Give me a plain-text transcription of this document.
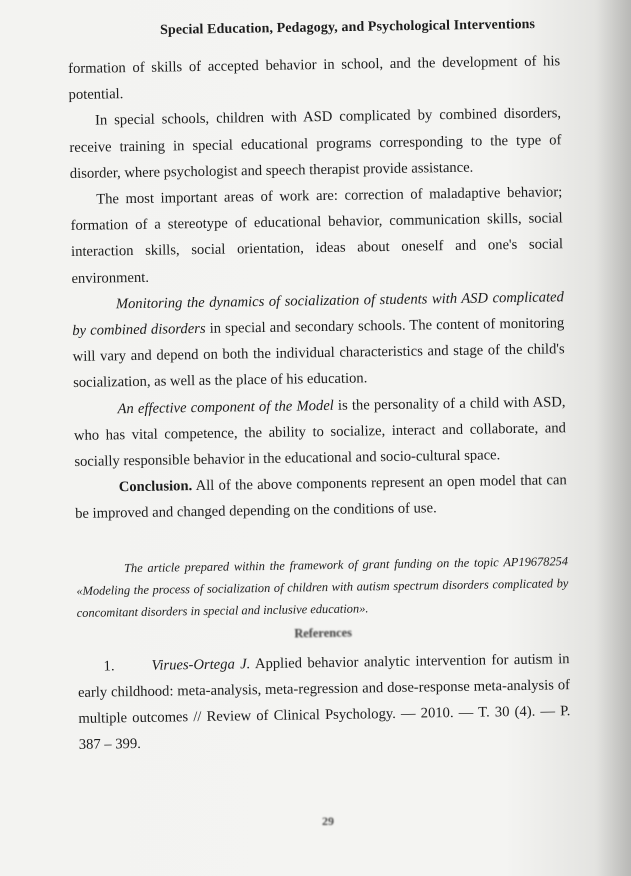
Special Education, Pedagogy, and Psychological Interventions

formation of skills of accepted behavior in school, and the development of his potential.

In special schools, children with ASD complicated by combined disorders, receive training in special educational programs corresponding to the type of disorder, where psychologist and speech therapist provide assistance.

The most important areas of work are: correction of maladaptive behavior; formation of a stereotype of educational behavior, communication skills, social interaction skills, social orientation, ideas about oneself and one's social environment.

Monitoring the dynamics of socialization of students with ASD complicated by combined disorders in special and secondary schools. The content of monitoring will vary and depend on both the individual characteristics and stage of the child's socialization, as well as the place of his education.

An effective component of the Model is the personality of a child with ASD, who has vital competence, the ability to socialize, interact and collaborate, and socially responsible behavior in the educational and socio-cultural space.

Conclusion. All of the above components represent an open model that can be improved and changed depending on the conditions of use.

The article prepared within the framework of grant funding on the topic AP19678254 «Modeling the process of socialization of children with autism spectrum disorders complicated by concomitant disorders in special and inclusive education».

References

1.	Virues-Ortega J. Applied behavior analytic intervention for autism in early childhood: meta-analysis, meta-regression and dose-response meta-analysis of multiple outcomes // Review of Clinical Psychology. — 2010. — T. 30 (4). — P. 387 – 399.

29
